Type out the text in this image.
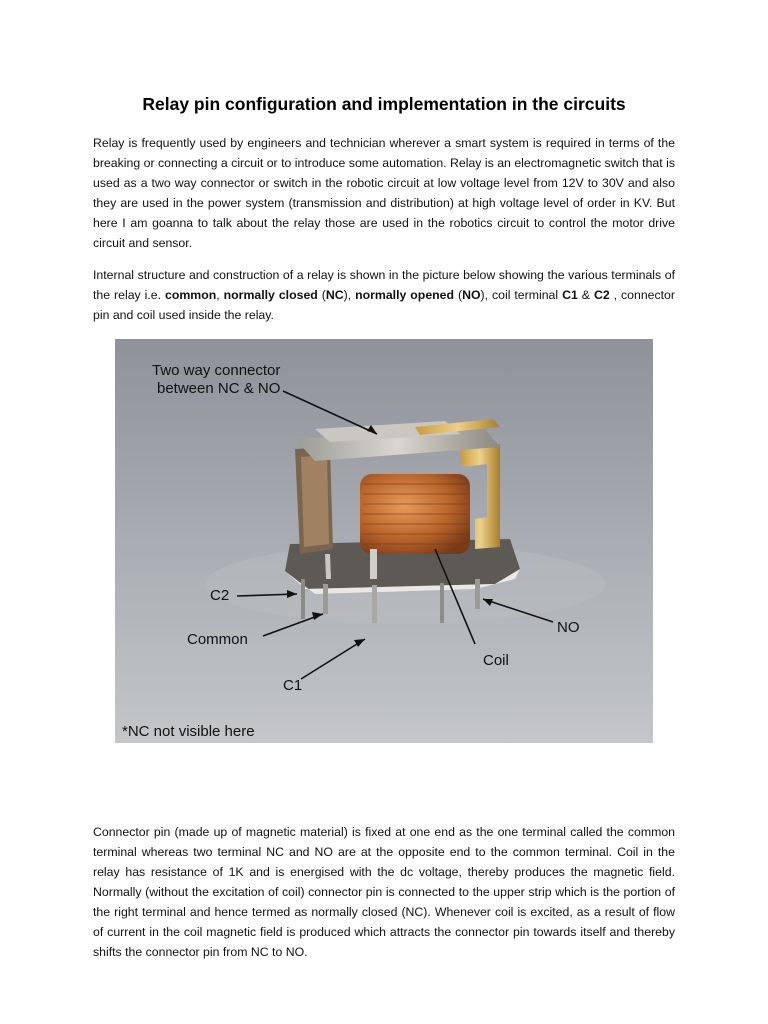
Relay pin configuration and implementation in the circuits
Relay is frequently used by engineers and technician wherever a smart system is required in terms of the breaking or connecting a circuit or to introduce some automation. Relay is an electromagnetic switch that is used as a two way connector or switch in the robotic circuit at low voltage level from 12V to 30V and also they are used in the power system (transmission and distribution) at high voltage level of order in KV. But here I am goanna to talk about the relay those are used in the robotics circuit to control the motor drive circuit and sensor.
Internal structure and construction of a relay is shown in the picture below showing the various terminals of the relay i.e. common, normally closed (NC), normally opened (NO), coil terminal C1 & C2 , connector pin and coil used inside the relay.
Two way connector
between NC & NO
C2
Common
C1
Coil
NO
*NC not visible here
Connector pin (made up of magnetic material) is fixed at one end as the one terminal called the common terminal whereas two terminal NC and NO are at the opposite end to the common terminal. Coil in the relay has resistance of 1K and is energised with the dc voltage, thereby produces the magnetic field. Normally (without the excitation of coil) connector pin is connected to the upper strip which is the portion of the right terminal and hence termed as normally closed (NC). Whenever coil is excited, as a result of flow of current in the coil magnetic field is produced which attracts the connector pin towards itself and thereby shifts the connector pin from NC to NO.
